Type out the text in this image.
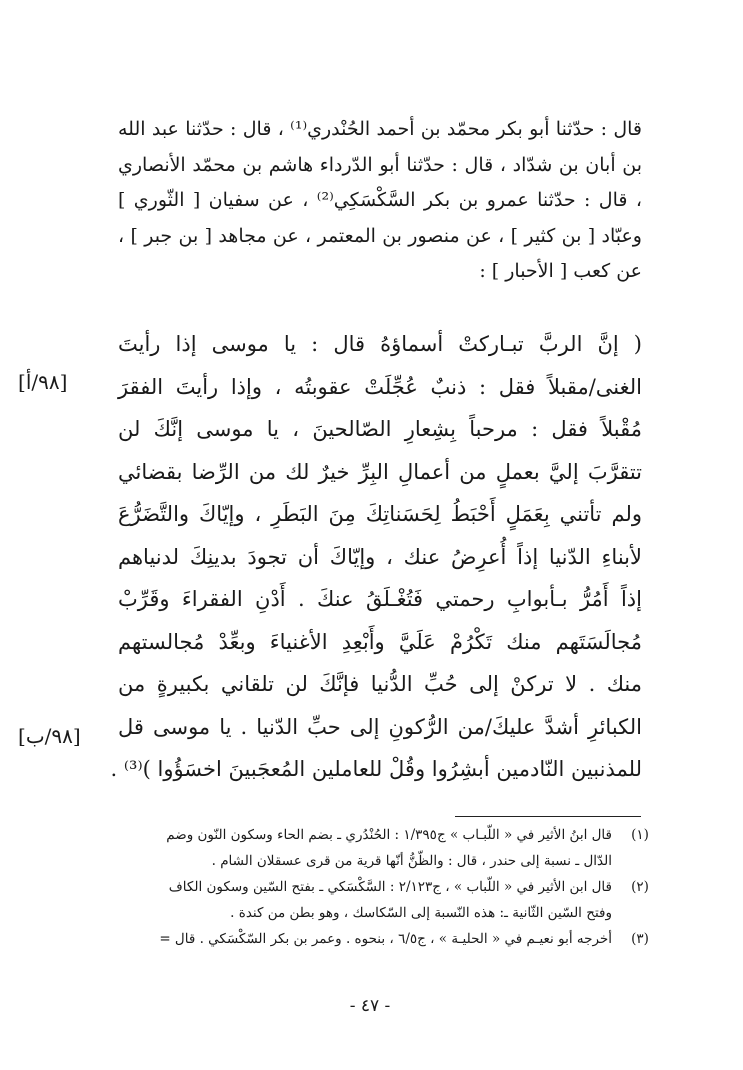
قال : حدّثنا أبو بكر محمّد بن أحمد الحُنْدري⁽¹⁾ ، قال : حدّثنا عبد الله بن أبان بن شدّاد ، قال : حدّثنا أبو الدّرداء هاشم بن محمّد الأنصاري ، قال : حدّثنا عمرو بن بكر السَّكْسَكِي⁽²⁾ ، عن سفيان [ الثّوري ] وعبّاد [ بن كثير ] ، عن منصور بن المعتمر ، عن مجاهد [ بن جبر ] ، عن كعب [ الأحبار ] :

( إنَّ الربَّ تبـاركتْ أسماؤهُ قال : يا موسى إذا رأيتَ
الغنى/مقبلاً فقل : ذنبٌ عُجِّلَتْ عقوبتُه ، وإذا رأيتَ الفقرَ
مُقْبلاً فقل : مرحباً بِشِعارِ الصّالحينَ ، يا موسى إنَّكَ لن
تتقرَّبَ إليَّ بعملٍ من أعمالِ البِرِّ خيرٌ لك من الرِّضا بقضائي
ولم تأتني بِعَمَلٍ أَحْبَطُ لِحَسَناتِكَ مِنَ البَطَرِ ، وإيّاكَ والتَّضَرُّعَ
لأبناءِ الدّنيا إذاً أُعرِضُ عنك ، وإيّاكَ أن تجودَ بدينِكَ لدنياهم
إذاً أَمُرُّ بـأبوابِ رحمتي فَتُغْـلَقُ عنكَ . أَدْنِ الفقراءَ وقَرِّبْ
مُجالَسَتَهم منك تَكْرُمْ عَلَيَّ وأَبْعِدِ الأغنياءَ وبعِّدْ مُجالستهم
منك . لا تركنْ إلى حُبِّ الدُّنيا فإنَّكَ لن تلقاني بكبيرةٍ من
الكبائرِ أشدَّ عليكَ/من الرُّكونِ إلى حبِّ الدّنيا . يا موسى قل
للمذنبين النّادمين أبشِرُوا وقُلْ للعاملين المُعجَبينَ اخسَؤُوا )⁽³⁾ .
[٩٨/أ]
[٩٨/ب]
(١)
قال ابنُ الأثير في « اللّبـاب » ج١/٣٩٥ : الحُنْدُري ـ بضم الحاء وسكون النّون وضم
الدّال ـ نسبة إلى حندر ، قال : والظّنُّ أنّها قرية من قرى عسقلان الشام .
(٢)
قال ابن الأثير في « اللّباب » ، ج٢/١٢٣ : السَّكْسَكي ـ بفتح السّين وسكون الكاف
وفتح السّين الثّانية ـ: هذه النّسبة إلى السّكاسك ، وهو بطن من كندة .
(٣)
أخرجه أبو نعيـم في « الحليـة » ، ج٦/٥ ، بنحوه . وعمر بن بكر السّكْسَكي . قال =
- ٤٧ -
